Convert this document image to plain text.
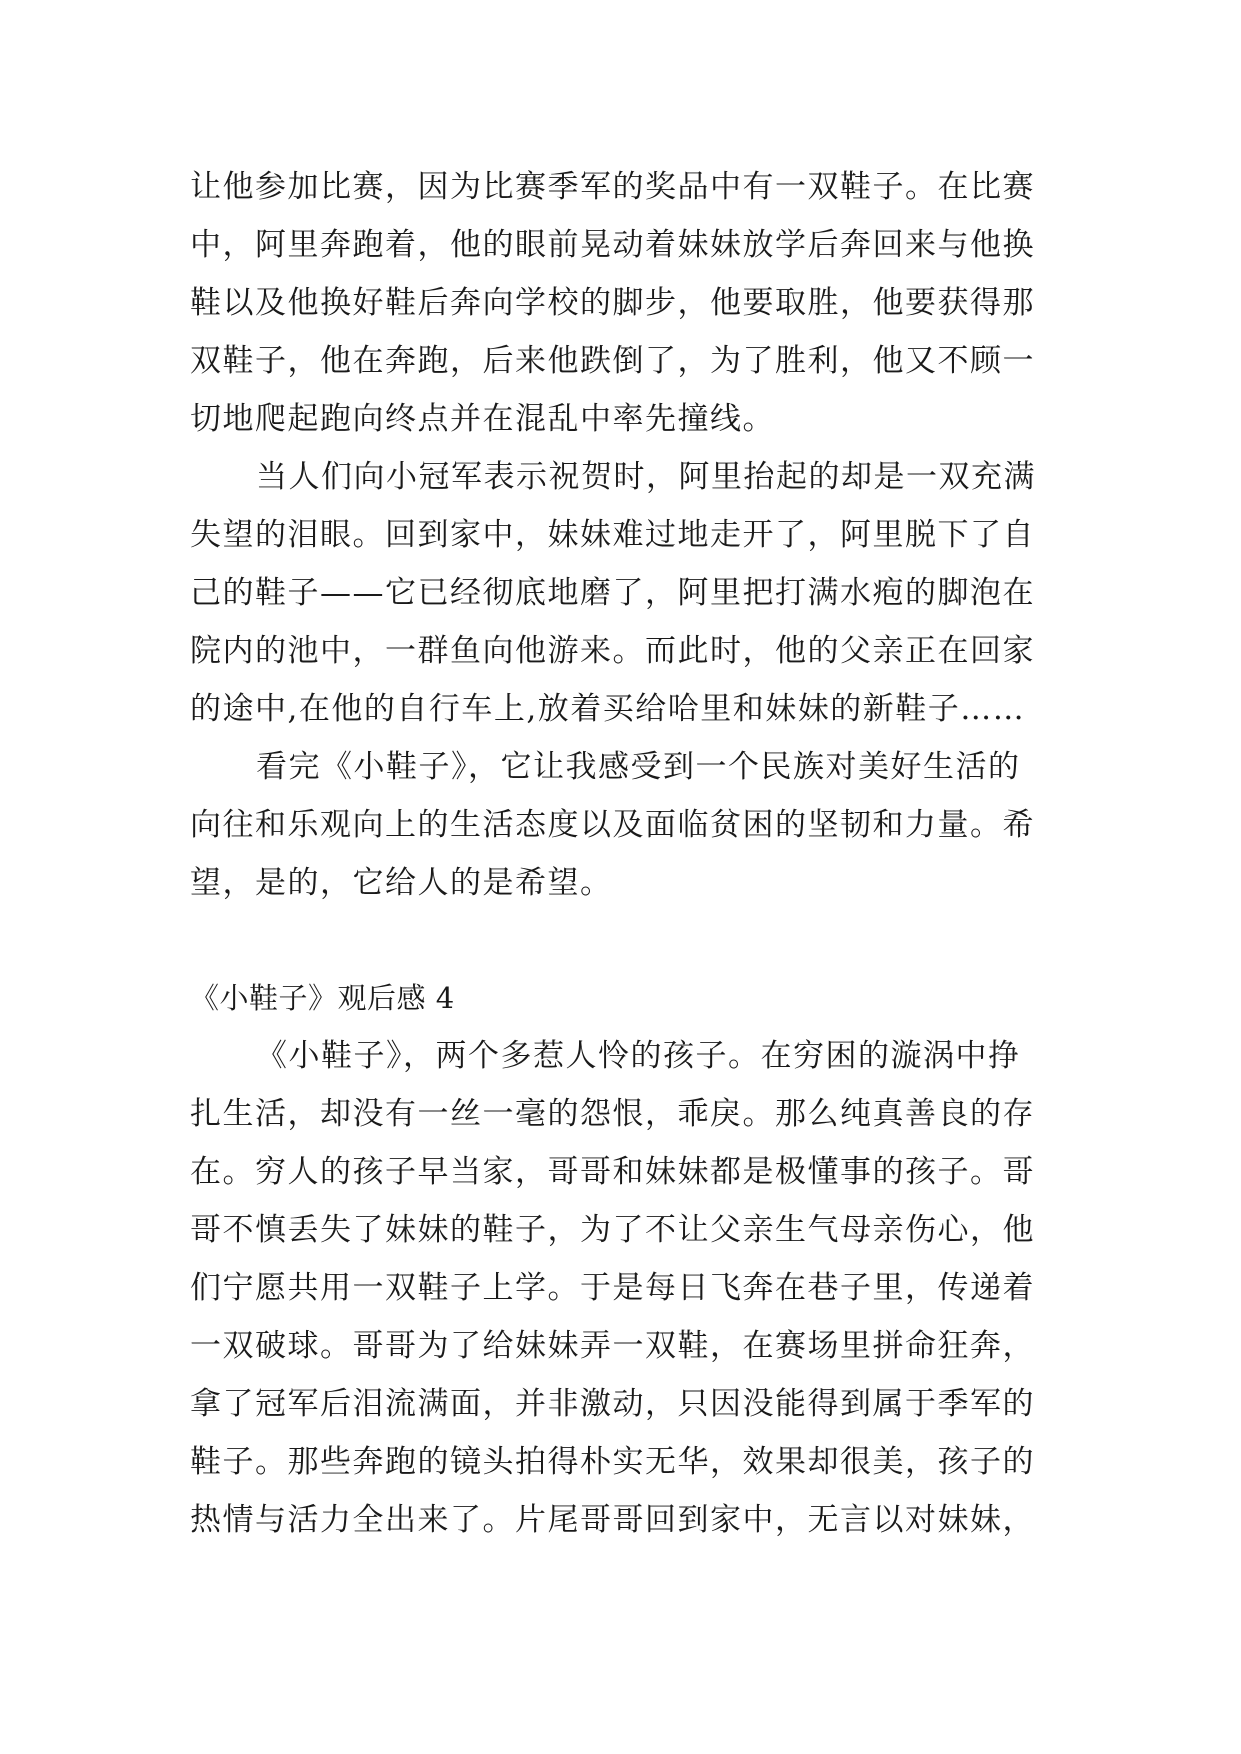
让他参加比赛，因为比赛季军的奖品中有一双鞋子。在比赛
中，阿里奔跑着，他的眼前晃动着妹妹放学后奔回来与他换
鞋以及他换好鞋后奔向学校的脚步，他要取胜，他要获得那
双鞋子，他在奔跑，后来他跌倒了，为了胜利，他又不顾一
切地爬起跑向终点并在混乱中率先撞线。
当人们向小冠军表示祝贺时，阿里抬起的却是一双充满
失望的泪眼。回到家中，妹妹难过地走开了，阿里脱下了自
己的鞋子——它已经彻底地磨了，阿里把打满水疱的脚泡在
院内的池中，一群鱼向他游来。而此时，他的父亲正在回家
的途中,在他的自行车上,放着买给哈里和妹妹的新鞋子……
看完《小鞋子》，它让我感受到一个民族对美好生活的
向往和乐观向上的生活态度以及面临贫困的坚韧和力量。希
望，是的，它给人的是希望。
《小鞋子》观后感 4
《小鞋子》，两个多惹人怜的孩子。在穷困的漩涡中挣
扎生活，却没有一丝一毫的怨恨，乖戾。那么纯真善良的存
在。穷人的孩子早当家，哥哥和妹妹都是极懂事的孩子。哥
哥不慎丢失了妹妹的鞋子，为了不让父亲生气母亲伤心，他
们宁愿共用一双鞋子上学。于是每日飞奔在巷子里，传递着
一双破球。哥哥为了给妹妹弄一双鞋，在赛场里拼命狂奔，
拿了冠军后泪流满面，并非激动，只因没能得到属于季军的
鞋子。那些奔跑的镜头拍得朴实无华，效果却很美，孩子的
热情与活力全出来了。片尾哥哥回到家中，无言以对妹妹，
